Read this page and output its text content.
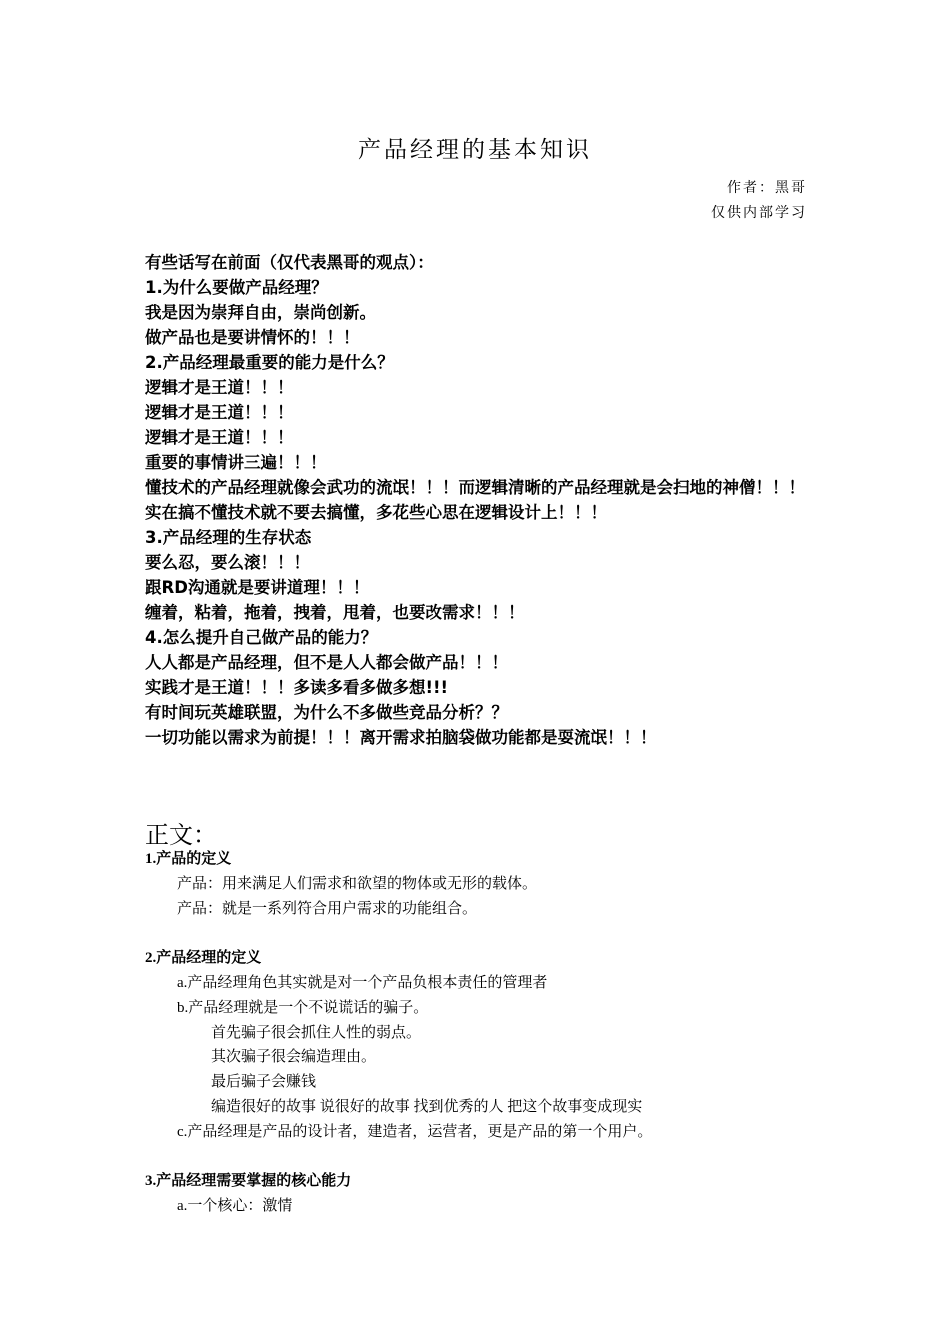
产品经理的基本知识
作者：黑哥
仅供内部学习
有些话写在前面（仅代表黑哥的观点）：
1.为什么要做产品经理？
我是因为崇拜自由，崇尚创新。
做产品也是要讲情怀的！！！
2.产品经理最重要的能力是什么？
逻辑才是王道！！！
逻辑才是王道！！！
逻辑才是王道！！！
重要的事情讲三遍！！！
懂技术的产品经理就像会武功的流氓！！！而逻辑清晰的产品经理就是会扫地的神僧！！！
实在搞不懂技术就不要去搞懂，多花些心思在逻辑设计上！！！
3.产品经理的生存状态
要么忍，要么滚！！！
跟RD沟通就是要讲道理！！！
缠着，粘着，拖着，拽着，甩着，也要改需求！！！
4.怎么提升自己做产品的能力？
人人都是产品经理，但不是人人都会做产品！！！
实践才是王道！！！多读多看多做多想!!!
有时间玩英雄联盟，为什么不多做些竞品分析？？
一切功能以需求为前提！！！离开需求拍脑袋做功能都是耍流氓！！！
正文：
1.产品的定义
产品：用来满足人们需求和欲望的物体或无形的载体。
产品：就是一系列符合用户需求的功能组合。
2.产品经理的定义
a.产品经理角色其实就是对一个产品负根本责任的管理者
b.产品经理就是一个不说谎话的骗子。
首先骗子很会抓住人性的弱点。
其次骗子很会编造理由。
最后骗子会赚钱
编造很好的故事 说很好的故事 找到优秀的人 把这个故事变成现实
c.产品经理是产品的设计者，建造者，运营者，更是产品的第一个用户。
3.产品经理需要掌握的核心能力
a.一个核心：激情
